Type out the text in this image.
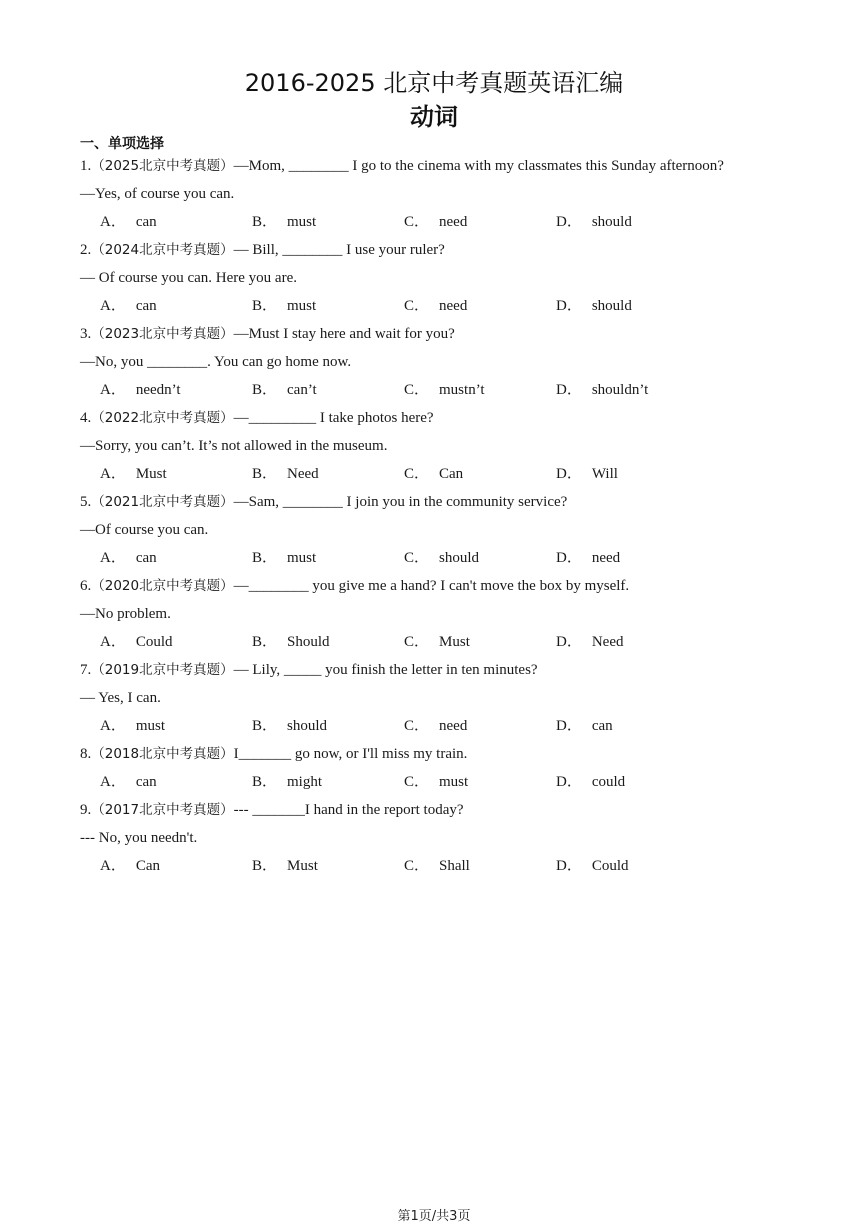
2016-2025 北京中考真题英语汇编
动词
一、单项选择
1.（2025北京中考真题）—Mom, ________ I go to the cinema with my classmates this Sunday afternoon?
—Yes, of course you can.
A． can	B． must	C． need	D． should
2.（2024北京中考真题）— Bill, ________ I use your ruler?
— Of course you can. Here you are.
A． can	B． must	C． need	D． should
3.（2023北京中考真题）—Must I stay here and wait for you?
—No, you ________. You can go home now.
A． needn’t	B． can’t	C． mustn’t	D． shouldn’t
4.（2022北京中考真题）—_________ I take photos here?
—Sorry, you can’t. It’s not allowed in the museum.
A． Must	B． Need	C． Can	D． Will
5.（2021北京中考真题）—Sam, ________ I join you in the community service?
—Of course you can.
A． can	B． must	C． should	D． need
6.（2020北京中考真题）—________ you give me a hand? I can't move the box by myself.
—No problem.
A． Could	B． Should	C． Must	D． Need
7.（2019北京中考真题）— Lily, _____ you finish the letter in ten minutes?
— Yes, I can.
A． must	B． should	C． need	D． can
8.（2018北京中考真题）I_______ go now, or I'll miss my train.
A． can	B． might	C． must	D． could
9.（2017北京中考真题）--- _______I hand in the report today?
--- No, you needn't.
A． Can	B． Must	C． Shall	D． Could
第1页/共3页
